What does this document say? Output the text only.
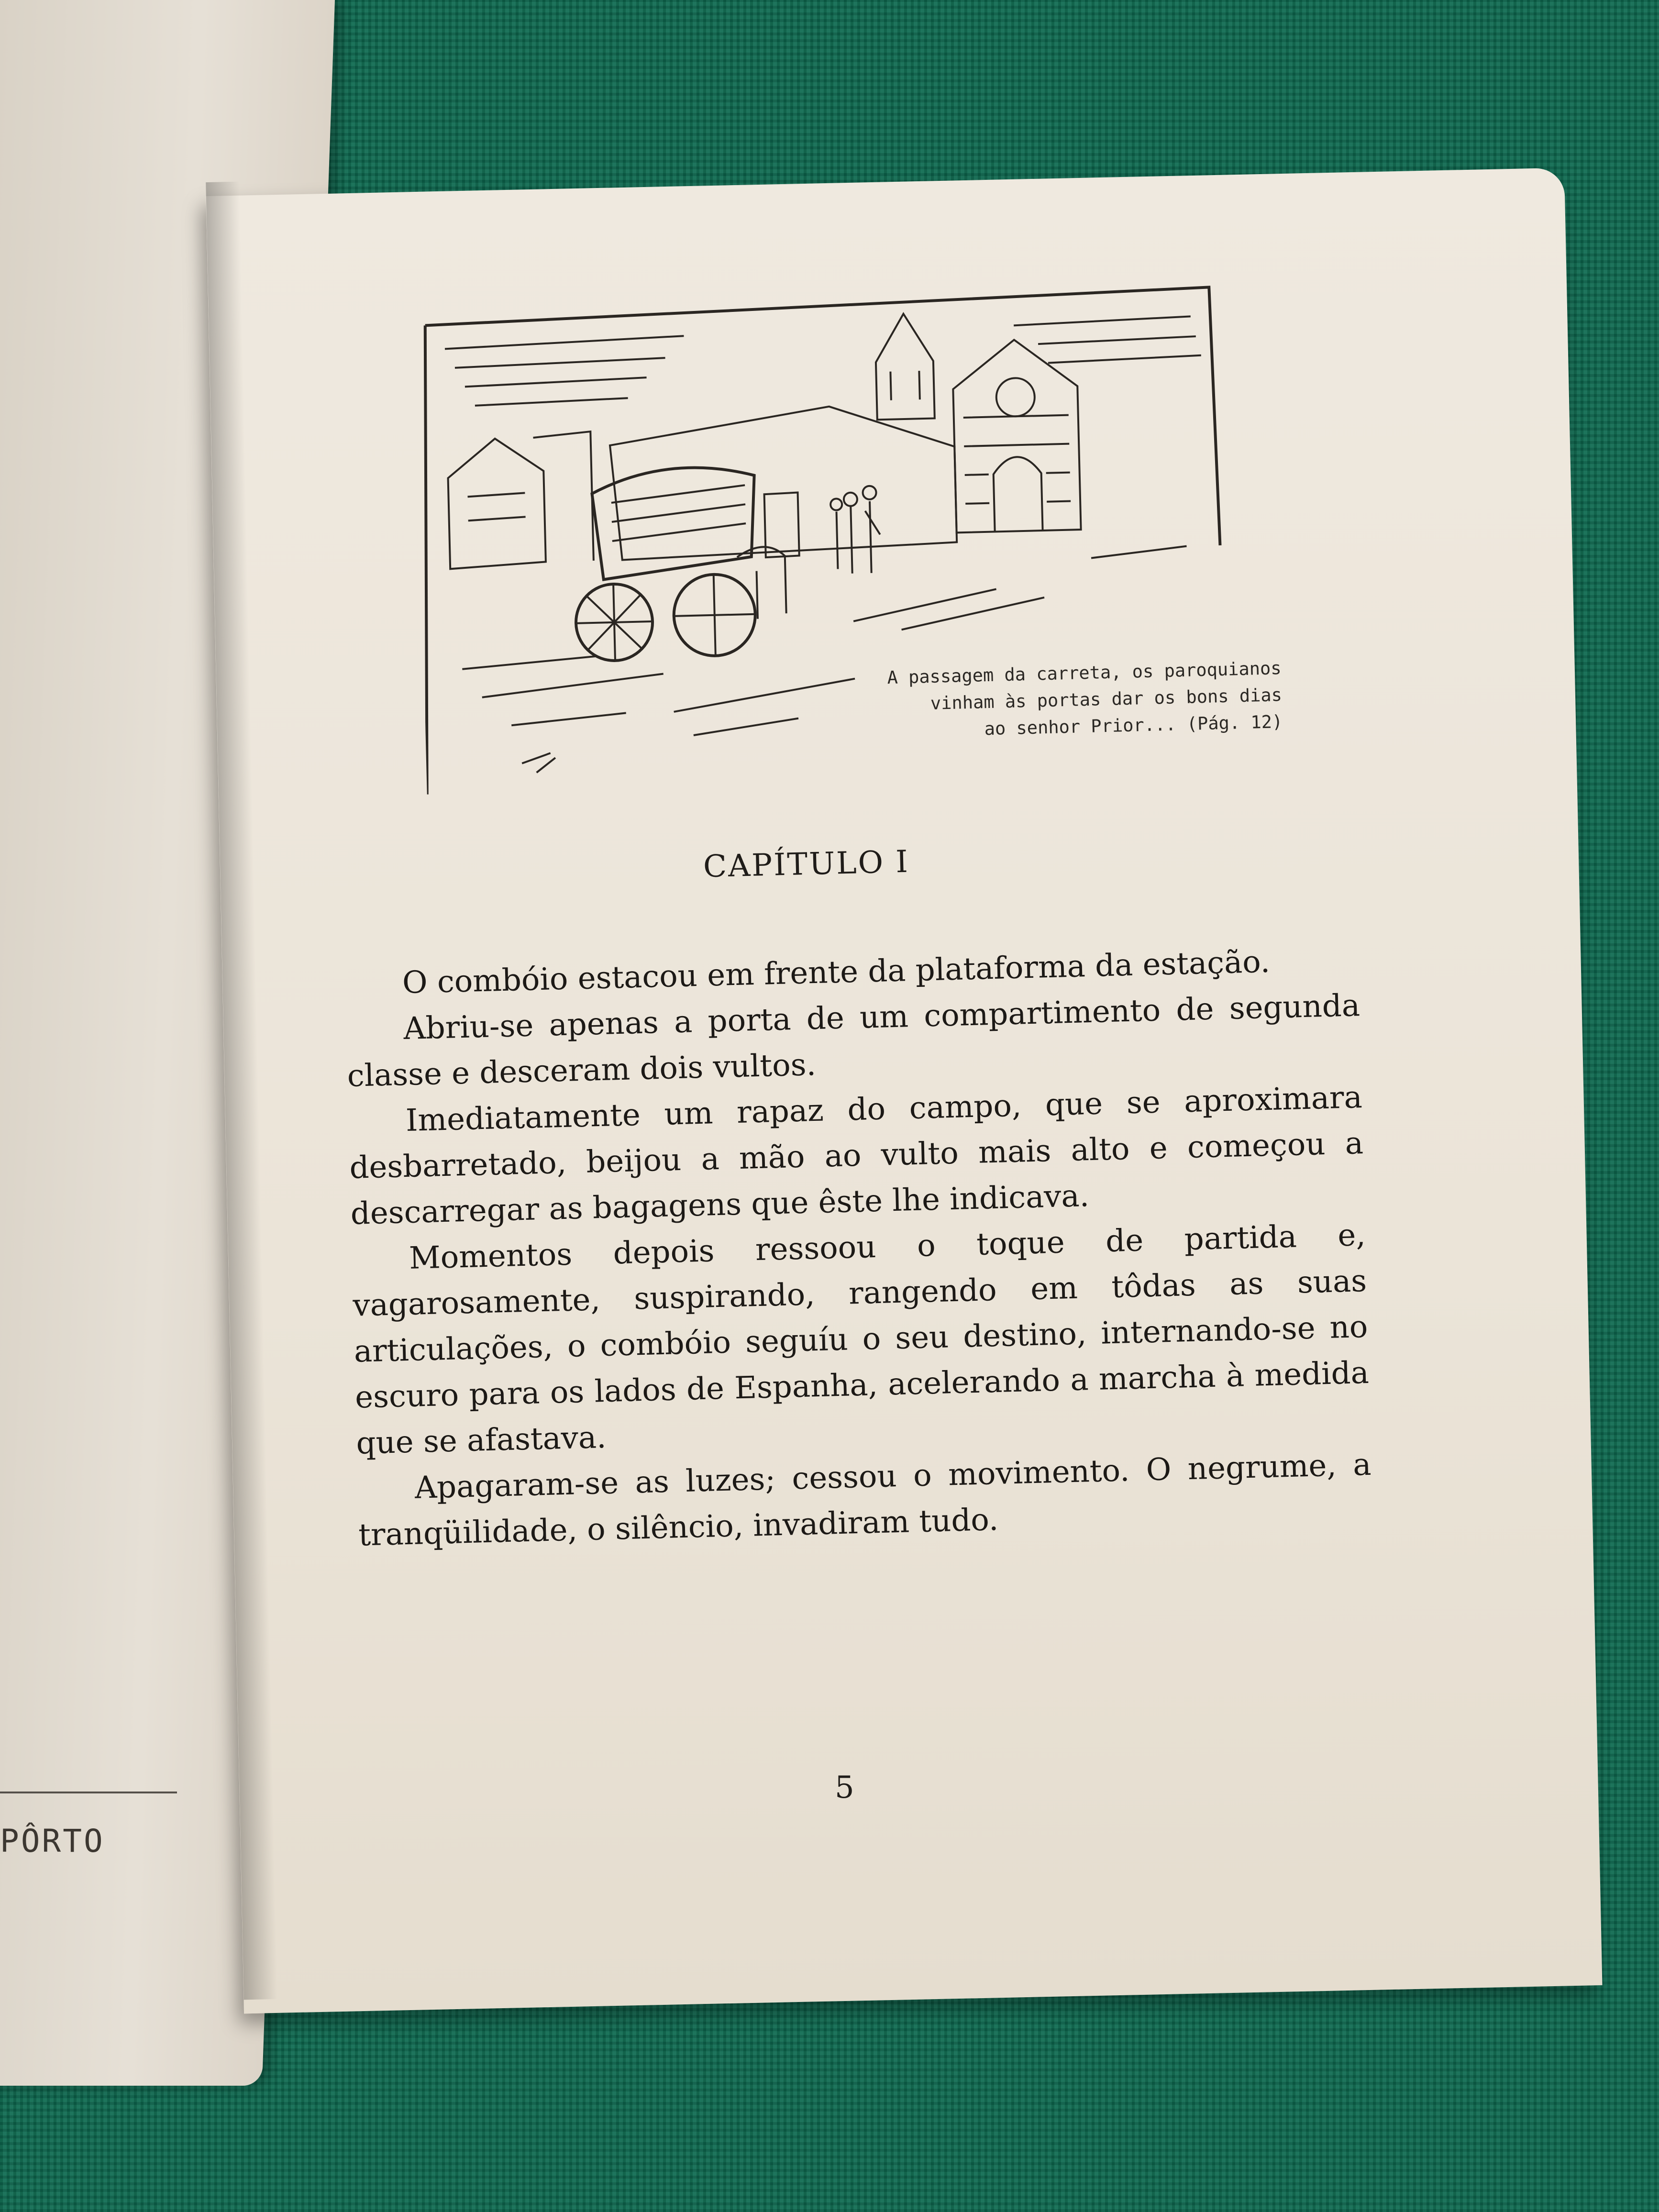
PÔRTO
A passagem da carreta, os paroquianos
vinham às portas dar os bons dias
ao senhor Prior... (Pág. 12)
CAPÍTULO I

O combóio estacou em frente da plataforma da estação.

Abriu-se apenas a porta de um compartimento de segunda classe e desceram dois vultos.

Imediatamente um rapaz do campo, que se aproximara desbarretado, beijou a mão ao vulto mais alto e começou a descarregar as bagagens que êste lhe indicava.

Momentos depois ressoou o toque de partida e, vagarosamente, suspirando, rangendo em tôdas as suas articulações, o combóio seguíu o seu destino, internando-se no escuro para os lados de Espanha, acelerando a marcha à medida que se afastava.

Apagaram-se as luzes; cessou o movimento. O negrume, a tranqüilidade, o silêncio, invadiram tudo.

5
